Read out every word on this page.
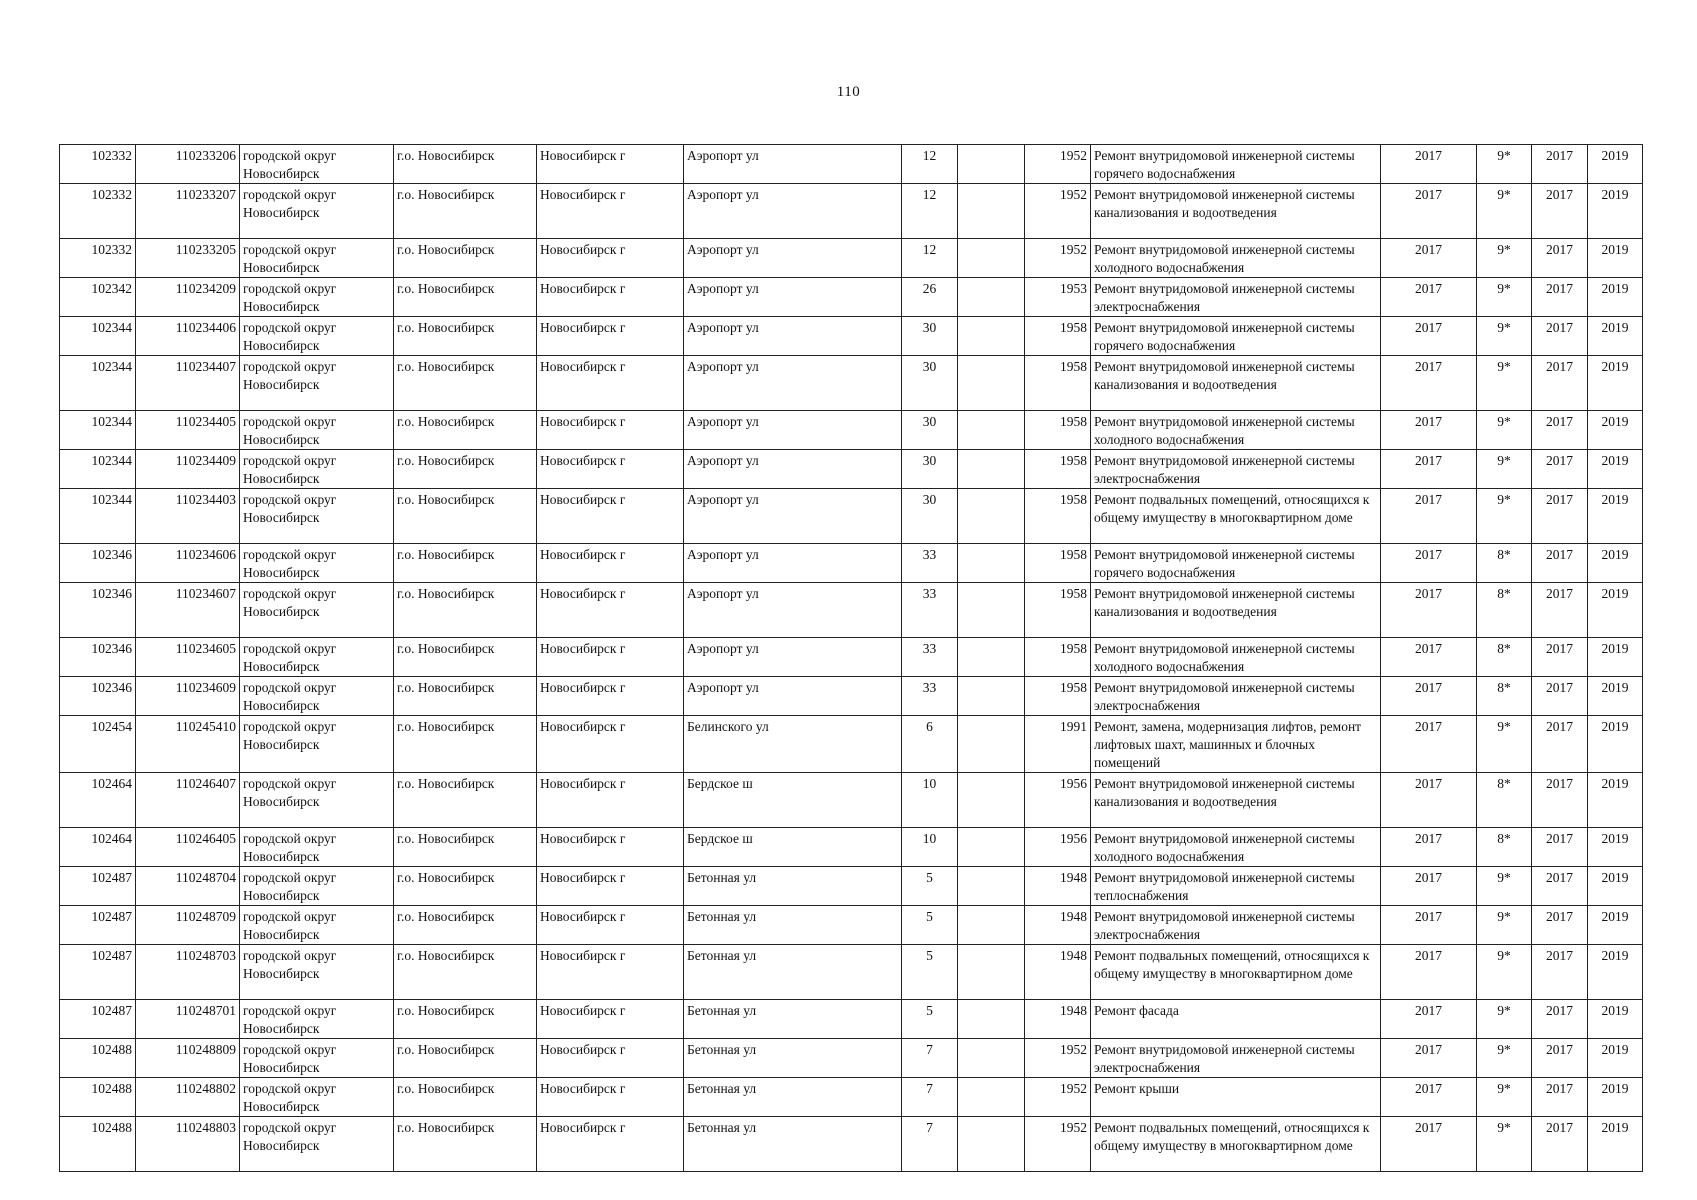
110
102332	110233206	городской округ Новосибирск	г.о. Новосибирск	Новосибирск г	Аэропорт ул	12		1952	Ремонт внутридомовой инженерной системы горячего водоснабжения	2017	9*	2017	2019
102332	110233207	городской округ Новосибирск	г.о. Новосибирск	Новосибирск г	Аэропорт ул	12		1952	Ремонт внутридомовой инженерной системы канализования и водоотведения	2017	9*	2017	2019
102332	110233205	городской округ Новосибирск	г.о. Новосибирск	Новосибирск г	Аэропорт ул	12		1952	Ремонт внутридомовой инженерной системы холодного водоснабжения	2017	9*	2017	2019
102342	110234209	городской округ Новосибирск	г.о. Новосибирск	Новосибирск г	Аэропорт ул	26		1953	Ремонт внутридомовой инженерной системы электроснабжения	2017	9*	2017	2019
102344	110234406	городской округ Новосибирск	г.о. Новосибирск	Новосибирск г	Аэропорт ул	30		1958	Ремонт внутридомовой инженерной системы горячего водоснабжения	2017	9*	2017	2019
102344	110234407	городской округ Новосибирск	г.о. Новосибирск	Новосибирск г	Аэропорт ул	30		1958	Ремонт внутридомовой инженерной системы канализования и водоотведения	2017	9*	2017	2019
102344	110234405	городской округ Новосибирск	г.о. Новосибирск	Новосибирск г	Аэропорт ул	30		1958	Ремонт внутридомовой инженерной системы холодного водоснабжения	2017	9*	2017	2019
102344	110234409	городской округ Новосибирск	г.о. Новосибирск	Новосибирск г	Аэропорт ул	30		1958	Ремонт внутридомовой инженерной системы электроснабжения	2017	9*	2017	2019
102344	110234403	городской округ Новосибирск	г.о. Новосибирск	Новосибирск г	Аэропорт ул	30		1958	Ремонт подвальных помещений, относящихся к общему имуществу в многоквартирном доме	2017	9*	2017	2019
102346	110234606	городской округ Новосибирск	г.о. Новосибирск	Новосибирск г	Аэропорт ул	33		1958	Ремонт внутридомовой инженерной системы горячего водоснабжения	2017	8*	2017	2019
102346	110234607	городской округ Новосибирск	г.о. Новосибирск	Новосибирск г	Аэропорт ул	33		1958	Ремонт внутридомовой инженерной системы канализования и водоотведения	2017	8*	2017	2019
102346	110234605	городской округ Новосибирск	г.о. Новосибирск	Новосибирск г	Аэропорт ул	33		1958	Ремонт внутридомовой инженерной системы холодного водоснабжения	2017	8*	2017	2019
102346	110234609	городской округ Новосибирск	г.о. Новосибирск	Новосибирск г	Аэропорт ул	33		1958	Ремонт внутридомовой инженерной системы электроснабжения	2017	8*	2017	2019
102454	110245410	городской округ Новосибирск	г.о. Новосибирск	Новосибирск г	Белинского ул	6		1991	Ремонт, замена, модернизация лифтов, ремонт лифтовых шахт, машинных и блочных помещений	2017	9*	2017	2019
102464	110246407	городской округ Новосибирск	г.о. Новосибирск	Новосибирск г	Бердское ш	10		1956	Ремонт внутридомовой инженерной системы канализования и водоотведения	2017	8*	2017	2019
102464	110246405	городской округ Новосибирск	г.о. Новосибирск	Новосибирск г	Бердское ш	10		1956	Ремонт внутридомовой инженерной системы холодного водоснабжения	2017	8*	2017	2019
102487	110248704	городской округ Новосибирск	г.о. Новосибирск	Новосибирск г	Бетонная ул	5		1948	Ремонт внутридомовой инженерной системы теплоснабжения	2017	9*	2017	2019
102487	110248709	городской округ Новосибирск	г.о. Новосибирск	Новосибирск г	Бетонная ул	5		1948	Ремонт внутридомовой инженерной системы электроснабжения	2017	9*	2017	2019
102487	110248703	городской округ Новосибирск	г.о. Новосибирск	Новосибирск г	Бетонная ул	5		1948	Ремонт подвальных помещений, относящихся к общему имуществу в многоквартирном доме	2017	9*	2017	2019
102487	110248701	городской округ Новосибирск	г.о. Новосибирск	Новосибирск г	Бетонная ул	5		1948	Ремонт фасада	2017	9*	2017	2019
102488	110248809	городской округ Новосибирск	г.о. Новосибирск	Новосибирск г	Бетонная ул	7		1952	Ремонт внутридомовой инженерной системы электроснабжения	2017	9*	2017	2019
102488	110248802	городской округ Новосибирск	г.о. Новосибирск	Новосибирск г	Бетонная ул	7		1952	Ремонт крыши	2017	9*	2017	2019
102488	110248803	городской округ Новосибирск	г.о. Новосибирск	Новосибирск г	Бетонная ул	7		1952	Ремонт подвальных помещений, относящихся к общему имуществу в многоквартирном доме	2017	9*	2017	2019
